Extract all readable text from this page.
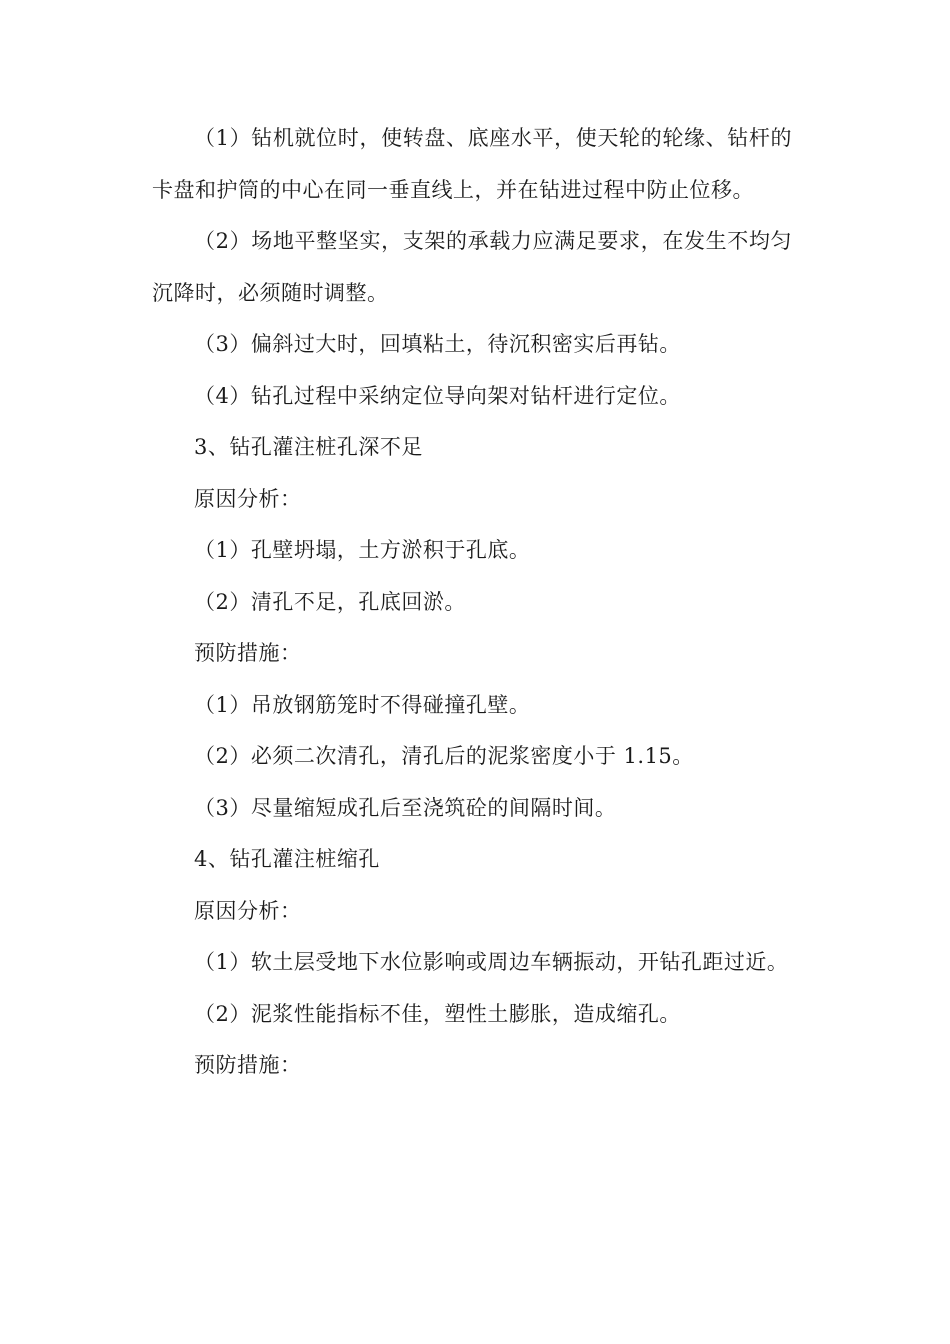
（1）钻机就位时，使转盘、底座水平，使天轮的轮缘、钻杆的卡盘和护筒的中心在同一垂直线上，并在钻进过程中防止位移。

（2）场地平整坚实，支架的承载力应满足要求，在发生不均匀沉降时，必须随时调整。

（3）偏斜过大时，回填粘土，待沉积密实后再钻。

（4）钻孔过程中采纳定位导向架对钻杆进行定位。

3、钻孔灌注桩孔深不足

原因分析：

（1）孔壁坍塌，土方淤积于孔底。

（2）清孔不足，孔底回淤。

预防措施：

（1）吊放钢筋笼时不得碰撞孔壁。

（2）必须二次清孔，清孔后的泥浆密度小于 1.15。

（3）尽量缩短成孔后至浇筑砼的间隔时间。

4、钻孔灌注桩缩孔

原因分析：

（1）软土层受地下水位影响或周边车辆振动，开钻孔距过近。

（2）泥浆性能指标不佳，塑性土膨胀，造成缩孔。

预防措施：
